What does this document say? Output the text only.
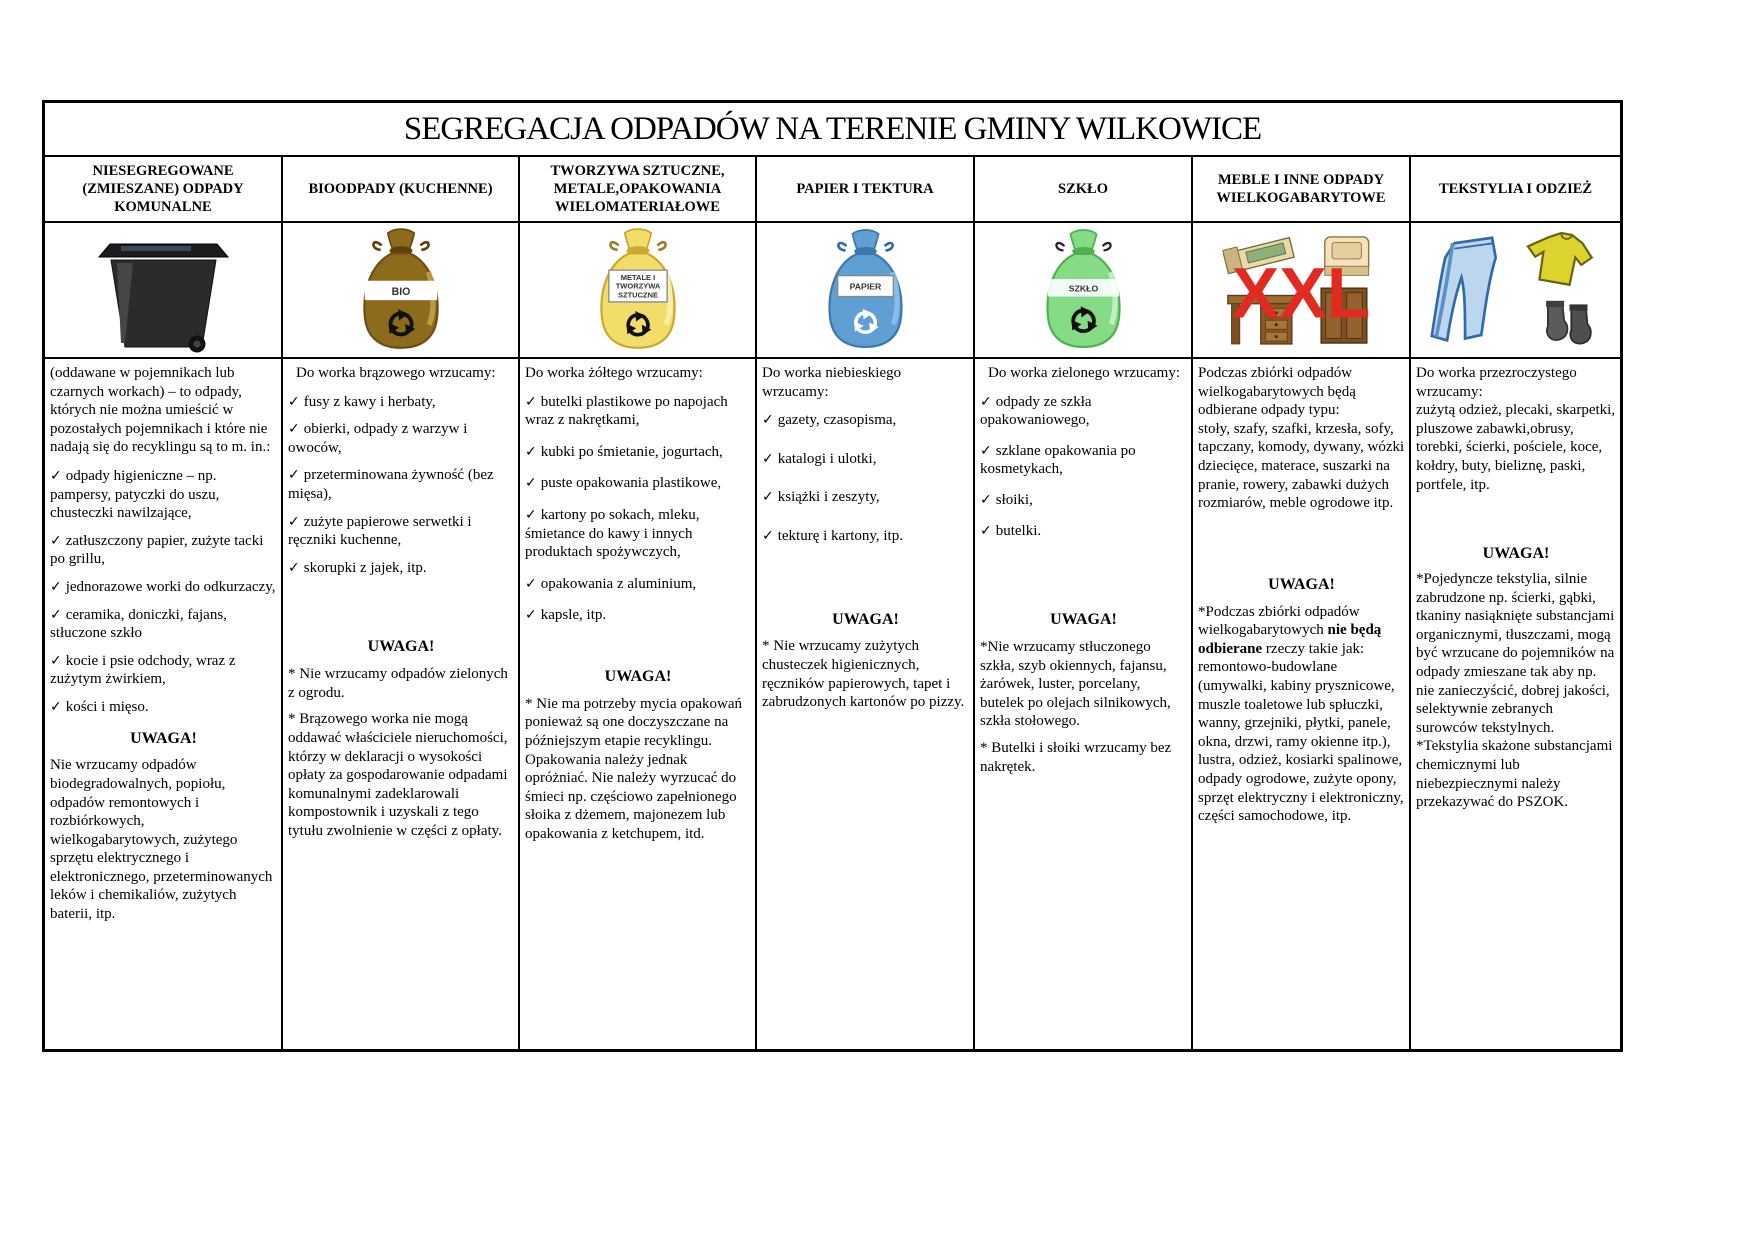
SEGREGACJA ODPADÓW NA TERENIE GMINY WILKOWICE
NIESEGREGOWANE (ZMIESZANE) ODPADY KOMUNALNE
BIOODPADY (KUCHENNE)
TWORZYWA SZTUCZNE, METALE,OPAKOWANIA WIELOMATERIAŁOWE
PAPIER I TEKTURA	SZKŁO
MEBLE I INNE ODPADY WIELKOGABARYTOWE
TEKSTYLIA I ODZIEŻ
BIO
METALE I
TWORZYWA
SZTUCZNE
PAPIER	SZKŁO XXL

(oddawane w pojemnikach lub czarnych workach) – to odpady, których nie można umieścić w pozostałych pojemnikach i które nie nadają się do recyklingu są to m. in.:

✓ odpady higieniczne – np. pampersy, patyczki do uszu, chusteczki nawilzające,
✓ zatłuszczony papier, zużyte tacki po grillu,
✓ jednorazowe worki do odkurzaczy,
✓ ceramika, doniczki, fajans, stłuczone szkło
✓ kocie i psie odchody, wraz z zużytym żwirkiem,
✓ kości i mięso.

UWAGA!

Nie wrzucamy odpadów biodegradowalnych, popiołu, odpadów remontowych i rozbiórkowych, wielkogabarytowych, zużytego sprzętu elektrycznego i elektronicznego, przeterminowanych leków i chemikaliów, zużytych baterii, itp.

Do worka brązowego wrzucamy:

✓ fusy z kawy i herbaty,
✓ obierki, odpady z warzyw i owoców,
✓ przeterminowana żywność (bez mięsa),
✓ zużyte papierowe serwetki i ręczniki kuchenne,
✓ skorupki z jajek, itp.

UWAGA!

* Nie wrzucamy odpadów zielonych z ogrodu.

* Brązowego worka nie mogą oddawać właściciele nieruchomości, którzy w deklaracji o wysokości opłaty za gospodarowanie odpadami komunalnymi zadeklarowali kompostownik i uzyskali z tego tytułu zwolnienie w części z opłaty.

Do worka żółtego wrzucamy:

✓ butelki plastikowe po napojach wraz z nakrętkami,
✓ kubki po śmietanie, jogurtach,
✓ puste opakowania plastikowe,
✓ kartony po sokach, mleku, śmietance do kawy i innych produktach spożywczych,
✓ opakowania z aluminium,
✓ kapsle, itp.

UWAGA!

* Nie ma potrzeby mycia opakowań ponieważ są one doczyszczane na późniejszym etapie recyklingu. Opakowania należy jednak opróżniać. Nie należy wyrzucać do śmieci np. częściowo zapełnionego słoika z dżemem, majonezem lub opakowania z ketchupem, itd.

Do worka niebieskiego wrzucamy:

✓ gazety, czasopisma,
✓ katalogi i ulotki,
✓ książki i zeszyty,
✓ tekturę i kartony, itp.

UWAGA!

* Nie wrzucamy zużytych chusteczek higienicznych, ręczników papierowych, tapet i zabrudzonych kartonów po pizzy.

Do worka zielonego wrzucamy:

✓ odpady ze szkła opakowaniowego,
✓ szklane opakowania po kosmetykach,
✓ słoiki,
✓ butelki.

UWAGA!

*Nie wrzucamy stłuczonego szkła, szyb okiennych, fajansu, żarówek, luster, porcelany, butelek po olejach silnikowych, szkła stołowego.

* Butelki i słoiki wrzucamy bez nakrętek.

Podczas zbiórki odpadów wielkogabarytowych będą odbierane odpady typu:

stoły, szafy, szafki, krzesła, sofy, tapczany, komody, dywany, wózki dziecięce, materace, suszarki na pranie, rowery, zabawki dużych rozmiarów, meble ogrodowe itp.

UWAGA!

*Podczas zbiórki odpadów wielkogabarytowych nie będą odbierane rzeczy takie jak: remontowo-budowlane (umywalki, kabiny prysznicowe, muszle toaletowe lub spłuczki, wanny, grzejniki, płytki, panele, okna, drzwi, ramy okienne itp.), lustra, odzież, kosiarki spalinowe, odpady ogrodowe, zużyte opony, sprzęt elektryczny i elektroniczny, części samochodowe, itp.

Do worka przezroczystego wrzucamy:

zużytą odzież, plecaki, skarpetki, pluszowe zabawki,obrusy, torebki, ścierki, pościele, koce, kołdry, buty, bieliznę, paski, portfele, itp.

UWAGA!

*Pojedyncze tekstylia, silnie zabrudzone np. ścierki, gąbki, tkaniny nasiąknięte substancjami organicznymi, tłuszczami, mogą być wrzucane do pojemników na odpady zmieszane tak aby np. nie zanieczyścić, dobrej jakości, selektywnie zebranych surowców tekstylnych.

*Tekstylia skażone substancjami chemicznymi lub niebezpiecznymi należy przekazywać do PSZOK.
